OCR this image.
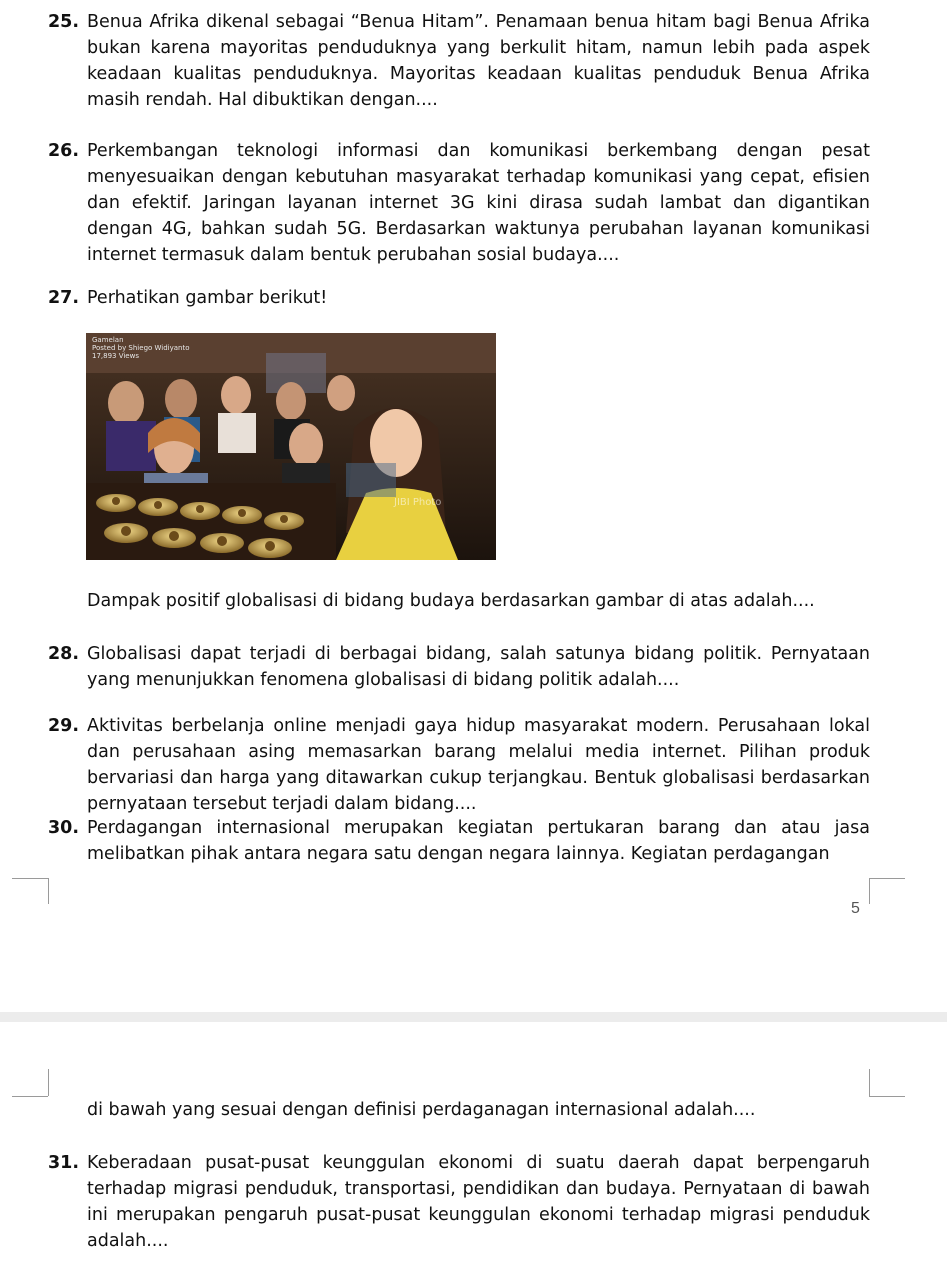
25. Benua Afrika dikenal sebagai “Benua Hitam”. Penamaan benua hitam bagi Benua Afrika bukan karena mayoritas penduduknya yang berkulit hitam, namun lebih pada aspek keadaan kualitas penduduknya. Mayoritas keadaan kualitas penduduk Benua Afrika masih rendah. Hal dibuktikan dengan....
26. Perkembangan teknologi informasi dan komunikasi berkembang dengan pesat menyesuaikan dengan kebutuhan masyarakat terhadap komunikasi yang cepat, efisien dan efektif. Jaringan layanan internet 3G kini dirasa sudah lambat dan digantikan dengan 4G, bahkan sudah 5G. Berdasarkan waktunya perubahan layanan komunikasi internet termasuk dalam bentuk perubahan sosial budaya....
27. Perhatikan gambar berikut!
Gamelan
Posted by Shiego Widiyanto
17,893 Views
JIBI Photo
Dampak positif globalisasi di bidang budaya berdasarkan gambar di atas adalah....
28. Globalisasi dapat terjadi di berbagai bidang, salah satunya bidang politik. Pernyataan yang menunjukkan fenomena globalisasi di bidang politik adalah....
29. Aktivitas berbelanja online menjadi gaya hidup masyarakat modern. Perusahaan lokal dan perusahaan asing memasarkan barang melalui media internet. Pilihan produk bervariasi dan harga yang ditawarkan cukup terjangkau. Bentuk globalisasi berdasarkan pernyataan tersebut terjadi dalam bidang....
30. Perdagangan internasional merupakan kegiatan pertukaran barang dan atau jasa melibatkan pihak antara negara satu dengan negara lainnya. Kegiatan perdagangan
5
di bawah yang sesuai dengan definisi perdaganagan internasional adalah....
31. Keberadaan pusat-pusat keunggulan ekonomi di suatu daerah dapat berpengaruh terhadap migrasi penduduk, transportasi, pendidikan dan budaya. Pernyataan di bawah ini merupakan pengaruh pusat-pusat keunggulan ekonomi terhadap migrasi penduduk adalah....
